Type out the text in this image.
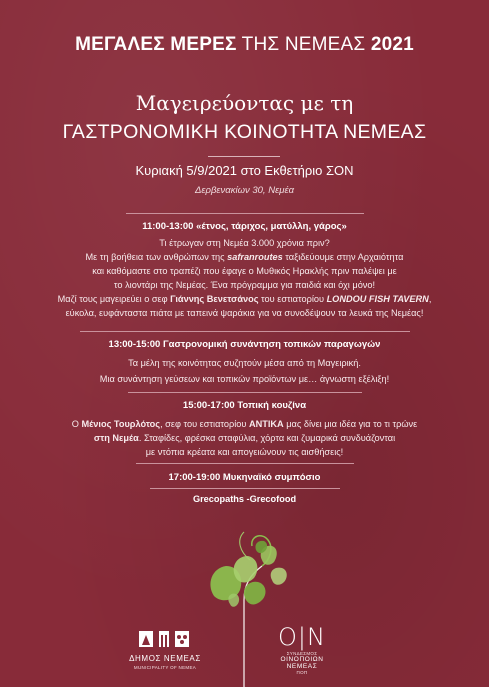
ΜΕΓΑΛΕΣ ΜΕΡΕΣ ΤΗΣ ΝΕΜΕΑΣ 2021
Μαγειρεύοντας με τη
ΓΑΣΤΡΟΝΟΜΙΚΗ ΚΟΙΝΟΤΗΤΑ ΝΕΜΕΑΣ
Κυριακή 5/9/2021 στο Εκθετήριο ΣΟΝ
Δερβενακίων 30, Νεμέα
11:00-13:00 «έτνος, τάριχος, ματύλλη, γάρος»
Τι έτρωγαν στη Νεμέα 3.000 χρόνια πριν?
Με τη βοήθεια των ανθρώπων της safranroutes ταξιδεύουμε στην Αρχαιότητα
και καθόμαστε στο τραπέζι που έφαγε ο Μυθικός Ηρακλής πριν παλέψει με
το λιοντάρι της Νεμέας. Ένα πρόγραμμα για παιδιά και όχι μόνο!
Μαζί τους μαγειρεύει ο σεφ Γιάννης Βενετσάνος του εστιατορίου LONDOU FISH TAVERN,
εύκολα, ευφάνταστα πιάτα με ταπεινά ψαράκια για να συνοδέψουν τα λευκά της Νεμέας!
13:00-15:00 Γαστρονομική συνάντηση τοπικών παραγωγών
Τα μέλη της κοινότητας συζητούν μέσα από τη Μαγειρική.
Μια συνάντηση γεύσεων και τοπικών προϊόντων με… άγνωστη εξέλιξη!
15:00-17:00 Τοπική κουζίνα
Ο Μένιος Τουρλότος, σεφ του εστιατορίου ΑΝΤΙΚΑ μας δίνει μια ιδέα για το τι τρώνε
στη Νεμέα. Σταφίδες, φρέσκα σταφύλια, χόρτα και ζυμαρικά συνδυάζονται
με ντόπια κρέατα και απογειώνουν τις αισθήσεις!
17:00-19:00 Μυκηναϊκό συμπόσιο
Grecopaths -Grecofood
ΔΗΜΟΣ ΝΕΜΕΑΣ
MUNICIPALITY OF NEMEA
Ο|Ν
ΣΥΝΔΕΣΜΟΣ
ΟΙΝΟΠΟΙΩΝ
ΝΕΜΕΑΣ
ΠΟΠ
